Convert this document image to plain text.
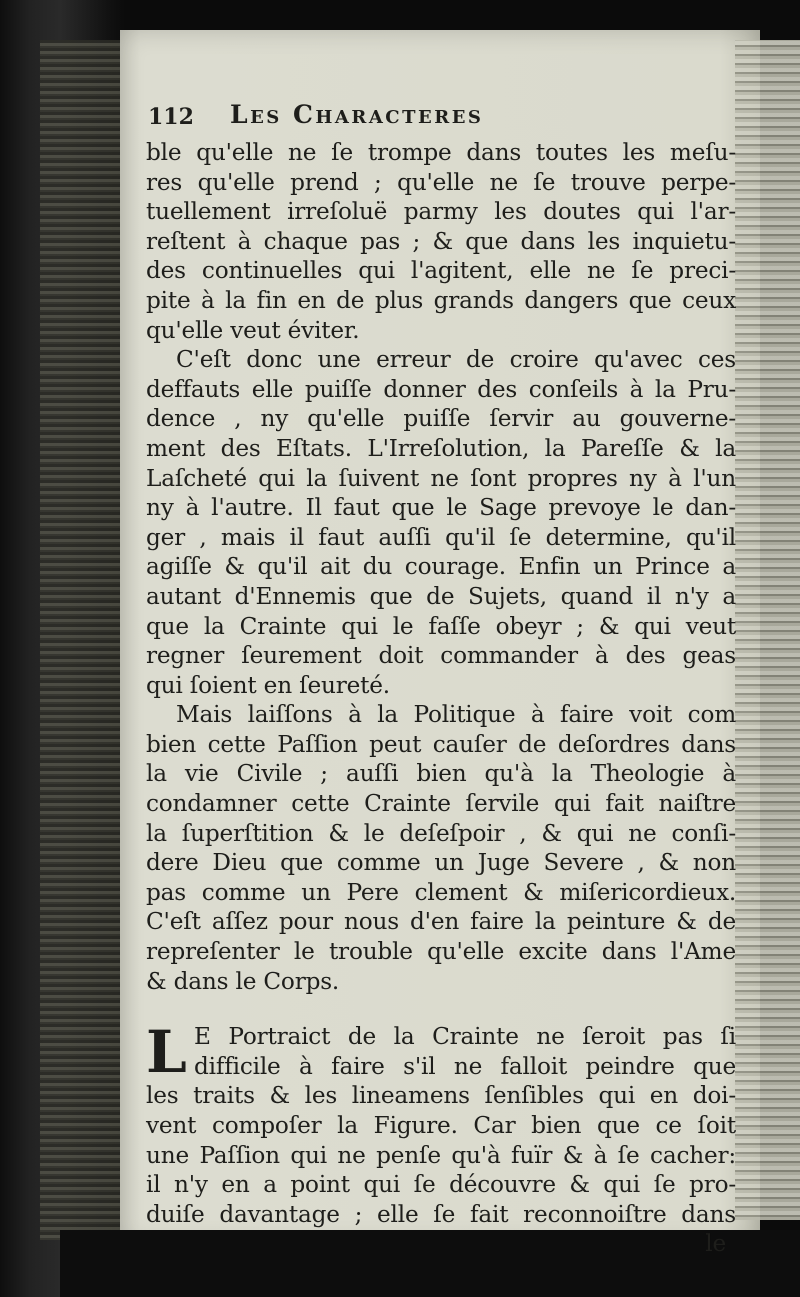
112 Les Characteres
ble qu'elle ne ſe trompe dans toutes les meſu-
res qu'elle prend ; qu'elle ne ſe trouve perpe-
tuellement irreſoluë parmy les doutes qui l'ar-
reſtent à chaque pas ; & que dans les inquietu-
des continuelles qui l'agitent, elle ne ſe preci-
pite à la fin en de plus grands dangers que ceux
qu'elle veut éviter.
C'eſt donc une erreur de croire qu'avec ces
deffauts elle puiſſe donner des conſeils à la Pru-
dence , ny qu'elle puiſſe ſervir au gouverne-
ment des Eſtats. L'Irreſolution, la Pareſſe & la
Laſcheté qui la ſuivent ne ſont propres ny à l'un
ny à l'autre. Il faut que le Sage prevoye le dan-
ger , mais il faut auſſi qu'il ſe determine, qu'il
agiſſe & qu'il ait du courage. Enfin un Prince a
autant d'Ennemis que de Sujets, quand il n'y a
que la Crainte qui le faſſe obeyr ; & qui veut
regner ſeurement doit commander à des geas
qui ſoient en ſeureté.
Mais laiſſons à la Politique à faire voit com
bien cette Paſſion peut cauſer de deſordres dans
la vie Civile ; auſſi bien qu'à la Theologie à
condamner cette Crainte ſervile qui fait naiſtre
la ſuperſtition & le deſeſpoir , & qui ne conſi-
dere Dieu que comme un Juge Severe , & non
pas comme un Pere clement & miſericordieux.
C'eſt aſſez pour nous d'en faire la peinture & de
repreſenter le trouble qu'elle excite dans l'Ame
& dans le Corps.
L E Portraict de la Crainte ne ſeroit pas ſi
difficile à faire s'il ne falloit peindre que
les traits & les lineamens ſenſibles qui en doi-
vent compoſer la Figure. Car bien que ce ſoit
une Paſſion qui ne penſe qu'à fuïr & à ſe cacher:
il n'y en a point qui ſe découvre & qui ſe pro-
duiſe davantage ; elle ſe fait reconnoiſtre dans
le
